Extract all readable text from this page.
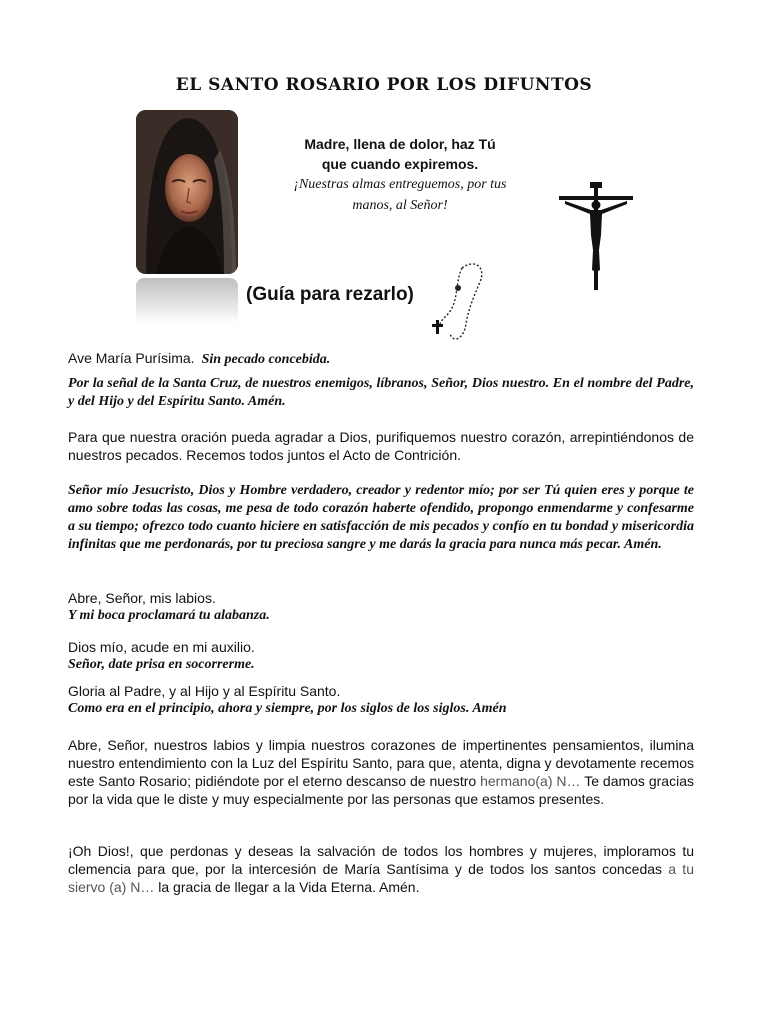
EL SANTO ROSARIO POR LOS DIFUNTOS
Madre, llena de dolor, haz Tú
que cuando expiremos.
¡Nuestras almas entreguemos, por tus
manos, al Señor!
(Guía para rezarlo)

Ave María Purísima. Sin pecado concebida.

Por la señal de la Santa Cruz, de nuestros enemigos, líbranos, Señor, Dios nuestro. En el nombre del Padre, y del Hijo y del Espíritu Santo. Amén.

Para que nuestra oración pueda agradar a Dios, purifiquemos nuestro corazón, arrepintiéndonos de nuestros pecados. Recemos todos juntos el Acto de Contrición.

Señor mío Jesucristo, Dios y Hombre verdadero, creador y redentor mío; por ser Tú quien eres y porque te amo sobre todas las cosas, me pesa de todo corazón haberte ofendido, propongo enmendarme y confesarme a su tiempo; ofrezco todo cuanto hiciere en satisfacción de mis pecados y confío en tu bondad y misericordia infinitas que me perdonarás, por tu preciosa sangre y me darás la gracia para nunca más pecar. Amén.

Abre, Señor, mis labios.
Y mi boca proclamará tu alabanza.

Dios mío, acude en mi auxilio.
Señor, date prisa en socorrerme.

Gloria al Padre, y al Hijo y al Espíritu Santo.
Como era en el principio, ahora y siempre, por los siglos de los siglos. Amén

Abre, Señor, nuestros labios y limpia nuestros corazones de impertinentes pensamientos, ilumina nuestro entendimiento con la Luz del Espíritu Santo, para que, atenta, digna y devotamente recemos este Santo Rosario; pidiéndote por el eterno descanso de nuestro hermano(a) N… Te damos gracias por la vida que le diste y muy especialmente por las personas que estamos presentes.

¡Oh Dios!, que perdonas y deseas la salvación de todos los hombres y mujeres, imploramos tu clemencia para que, por la intercesión de María Santísima y de todos los santos concedas a tu siervo (a) N… la gracia de llegar a la Vida Eterna. Amén.
